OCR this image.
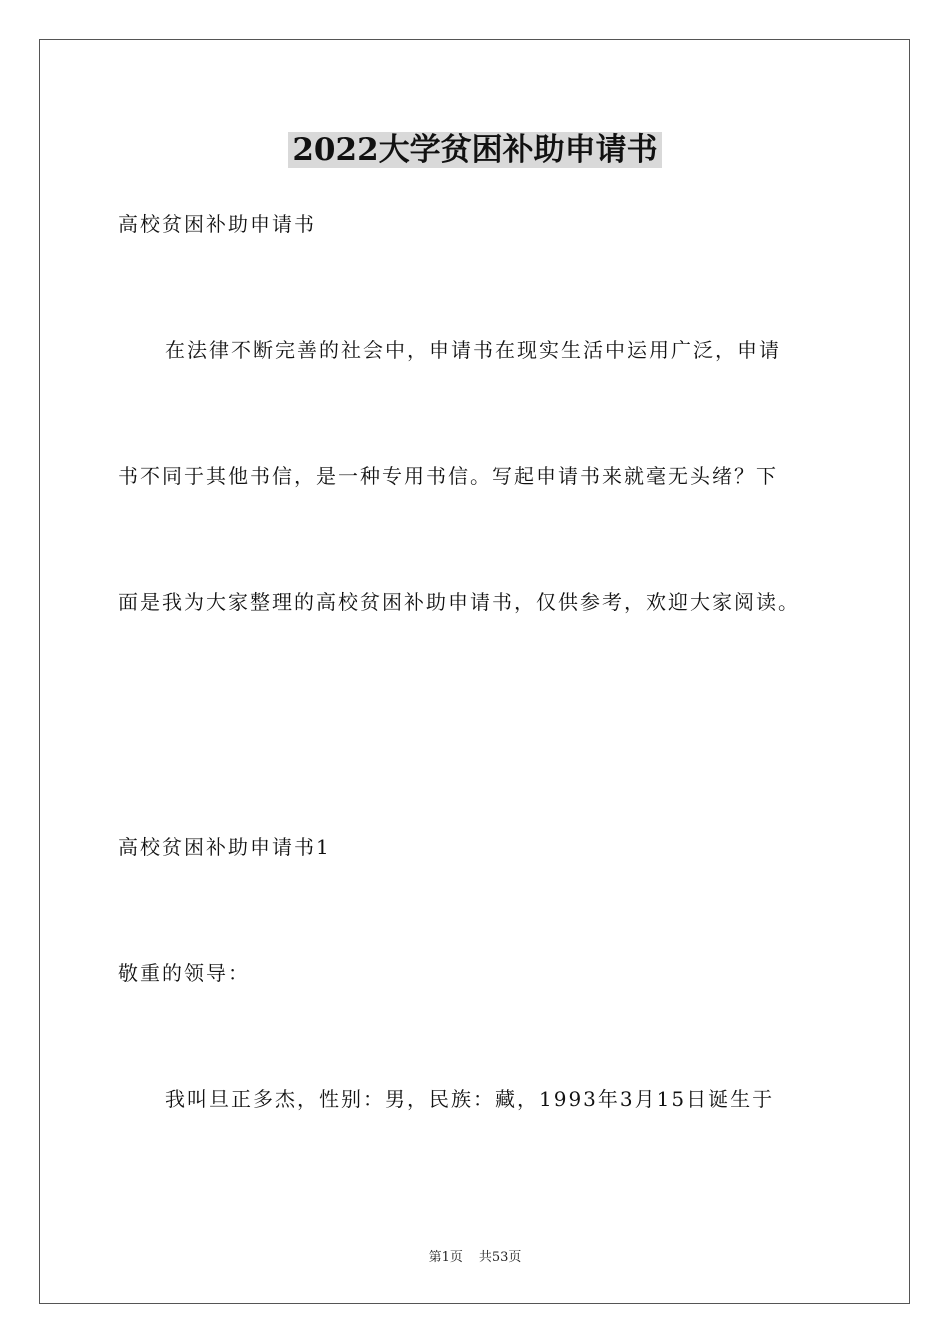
2022大学贫困补助申请书

高校贫困补助申请书

在法律不断完善的社会中，申请书在现实生活中运用广泛，申请

书不同于其他书信，是一种专用书信。写起申请书来就毫无头绪？下

面是我为大家整理的高校贫困补助申请书，仅供参考，欢迎大家阅读。

高校贫困补助申请书1

敬重的领导：

我叫旦正多杰，性别：男，民族：藏，1993年3月15日诞生于

第1页 共53页
